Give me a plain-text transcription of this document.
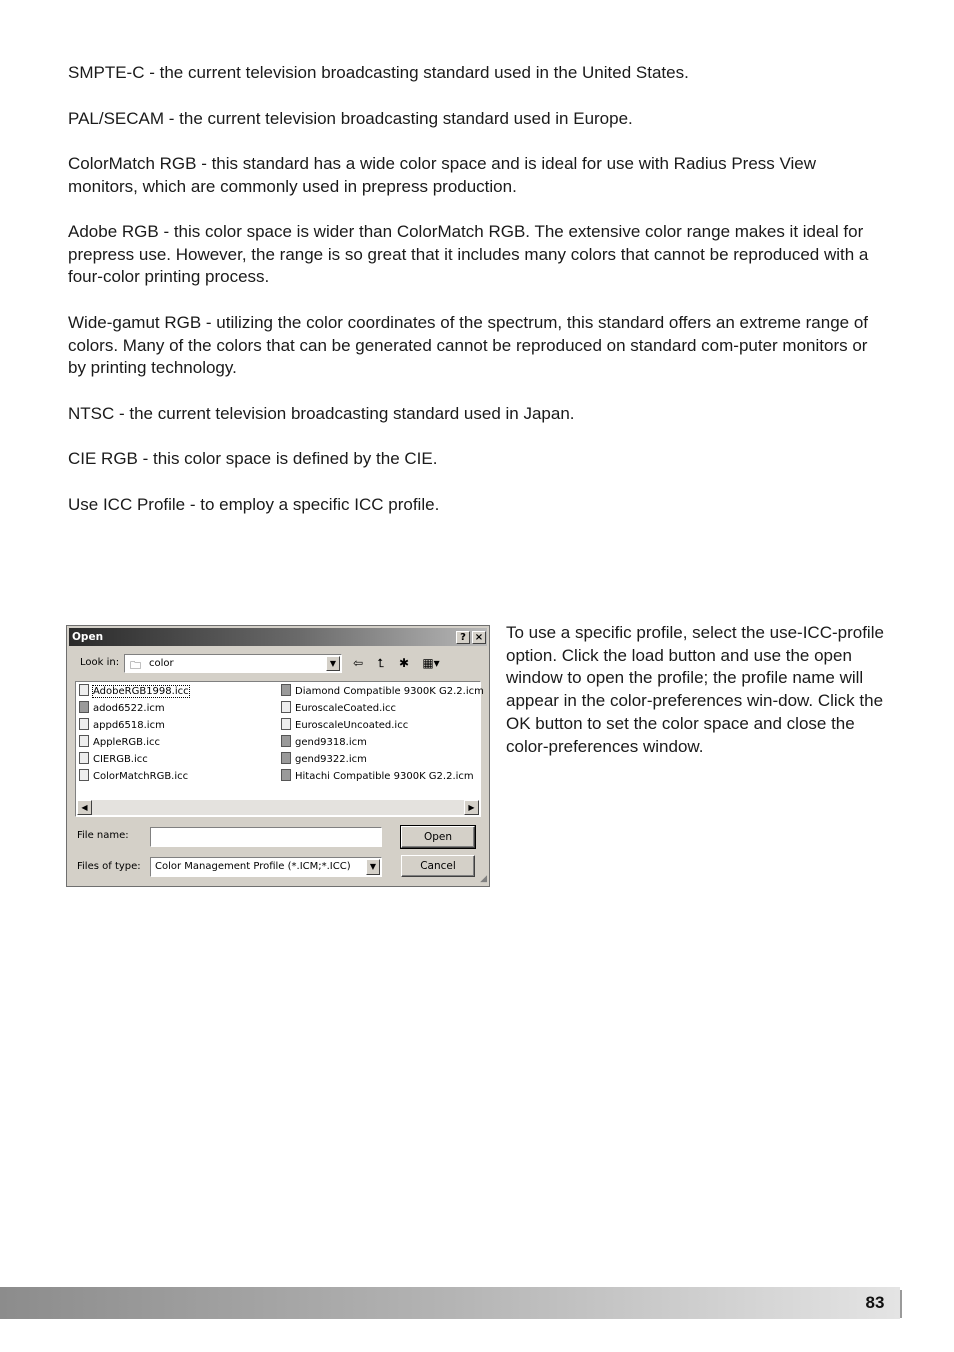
SMPTE-C - the current television broadcasting standard used in the United States.

PAL/SECAM - the current television broadcasting standard used in Europe.

ColorMatch RGB - this standard has a wide color space and is ideal for use with Radius Press View monitors, which are commonly used in prepress production.

Adobe RGB - this color space is wider than ColorMatch RGB. The extensive color range makes it ideal for prepress use. However, the range is so great that it includes many colors that cannot be reproduced with a four-color printing process.

Wide-gamut RGB - utilizing the color coordinates of the spectrum, this standard offers an extreme range of colors. Many of the colors that can be generated cannot be reproduced on standard com-puter monitors or by printing technology.

NTSC - the current television broadcasting standard used in Japan.

CIE RGB - this color space is defined by the CIE.

Use ICC Profile - to employ a specific ICC profile.

Open	? ×
Look in: 🗀 color	▼	⇦	⮤	✱	▦▾
AdobeRGB1998.icc
adod6522.icm
appd6518.icm
AppleRGB.icc
CIERGB.icc
ColorMatchRGB.icc
Diamond Compatible 9300K G2.2.icm
EuroscaleCoated.icc
EuroscaleUncoated.icc
gend9318.icm
gend9322.icm
Hitachi Compatible 9300K G2.2.icm
◀	▶
File name:	Open
Files of type: Color Management Profile (*.ICM;*.ICC)	▼	Cancel
◢

To use a specific profile, select the use-ICC-profile option. Click the load button and use the open window to open the profile; the profile name will appear in the color-preferences win-dow. Click the OK button to set the color space and close the color-preferences window.

83
